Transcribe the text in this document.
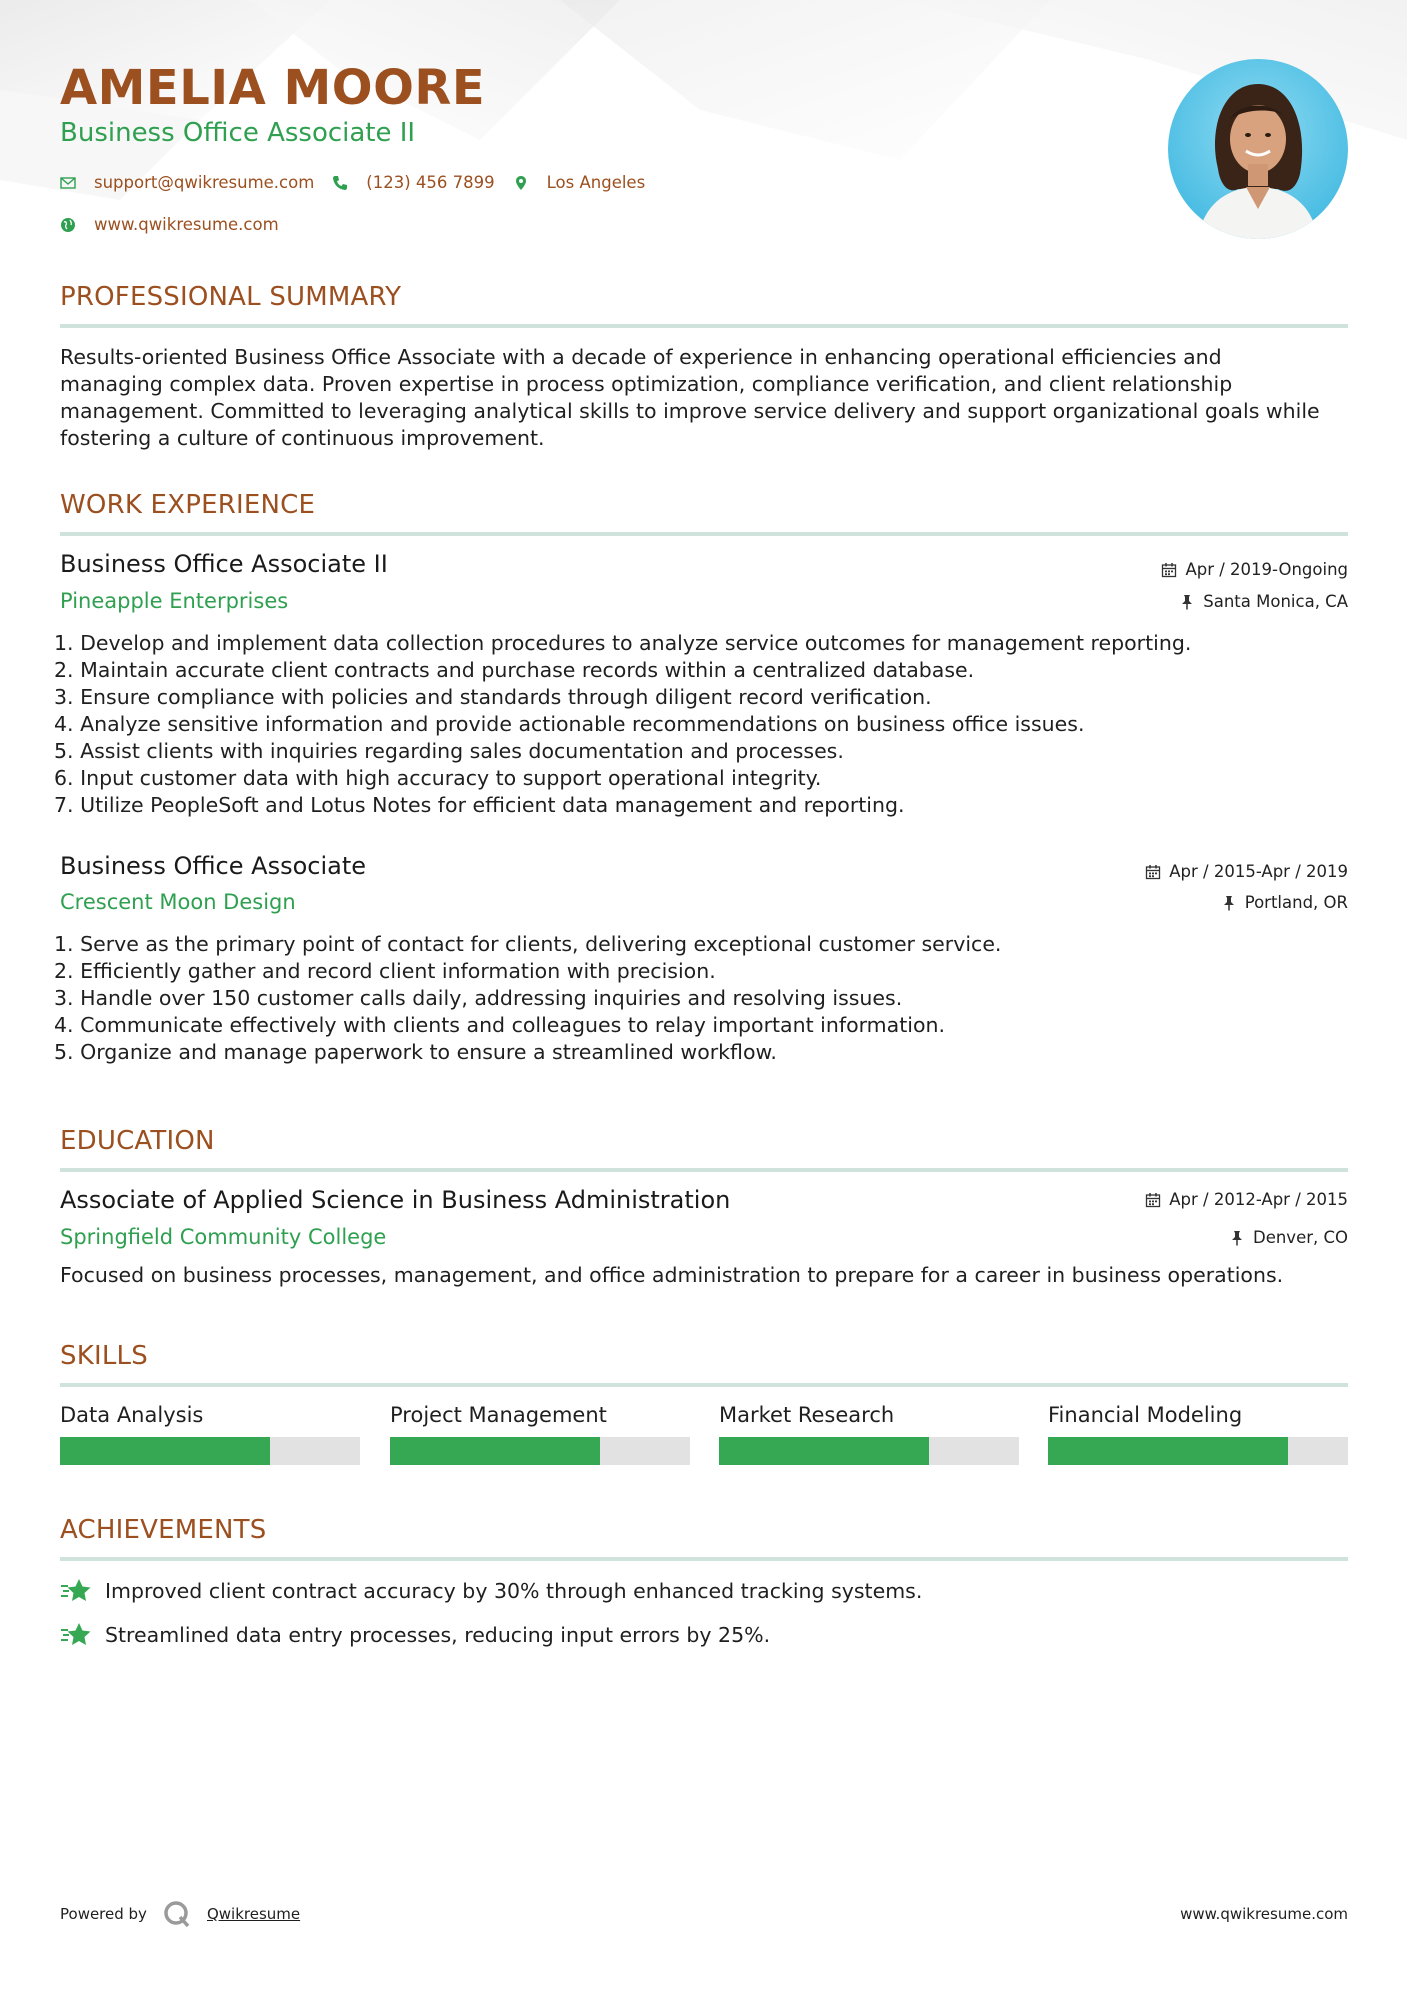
AMELIA MOORE
Business Office Associate II
support@qwikresume.com	(123) 456 7899	Los Angeles
www.qwikresume.com
PROFESSIONAL SUMMARY
Results-oriented Business Office Associate with a decade of experience in enhancing operational efficiencies and
managing complex data. Proven expertise in process optimization, compliance verification, and client relationship
management. Committed to leveraging analytical skills to improve service delivery and support organizational goals while
fostering a culture of continuous improvement.
WORK EXPERIENCE
Business Office Associate II	Apr / 2019-Ongoing
Pineapple Enterprises	Santa Monica, CA
1. Develop and implement data collection procedures to analyze service outcomes for management reporting.
2. Maintain accurate client contracts and purchase records within a centralized database.
3. Ensure compliance with policies and standards through diligent record verification.
4. Analyze sensitive information and provide actionable recommendations on business office issues.
5. Assist clients with inquiries regarding sales documentation and processes.
6. Input customer data with high accuracy to support operational integrity.
7. Utilize PeopleSoft and Lotus Notes for efficient data management and reporting.
Business Office Associate	Apr / 2015-Apr / 2019
Crescent Moon Design	Portland, OR
1. Serve as the primary point of contact for clients, delivering exceptional customer service.
2. Efficiently gather and record client information with precision.
3. Handle over 150 customer calls daily, addressing inquiries and resolving issues.
4. Communicate effectively with clients and colleagues to relay important information.
5. Organize and manage paperwork to ensure a streamlined workflow.
EDUCATION
Associate of Applied Science in Business Administration	Apr / 2012-Apr / 2015
Springfield Community College	Denver, CO
Focused on business processes, management, and office administration to prepare for a career in business operations.
SKILLS
Data Analysis	Project Management	Market Research	Financial Modeling
ACHIEVEMENTS
Improved client contract accuracy by 30% through enhanced tracking systems.
Streamlined data entry processes, reducing input errors by 25%.
Powered by	Qwikresume	www.qwikresume.com
